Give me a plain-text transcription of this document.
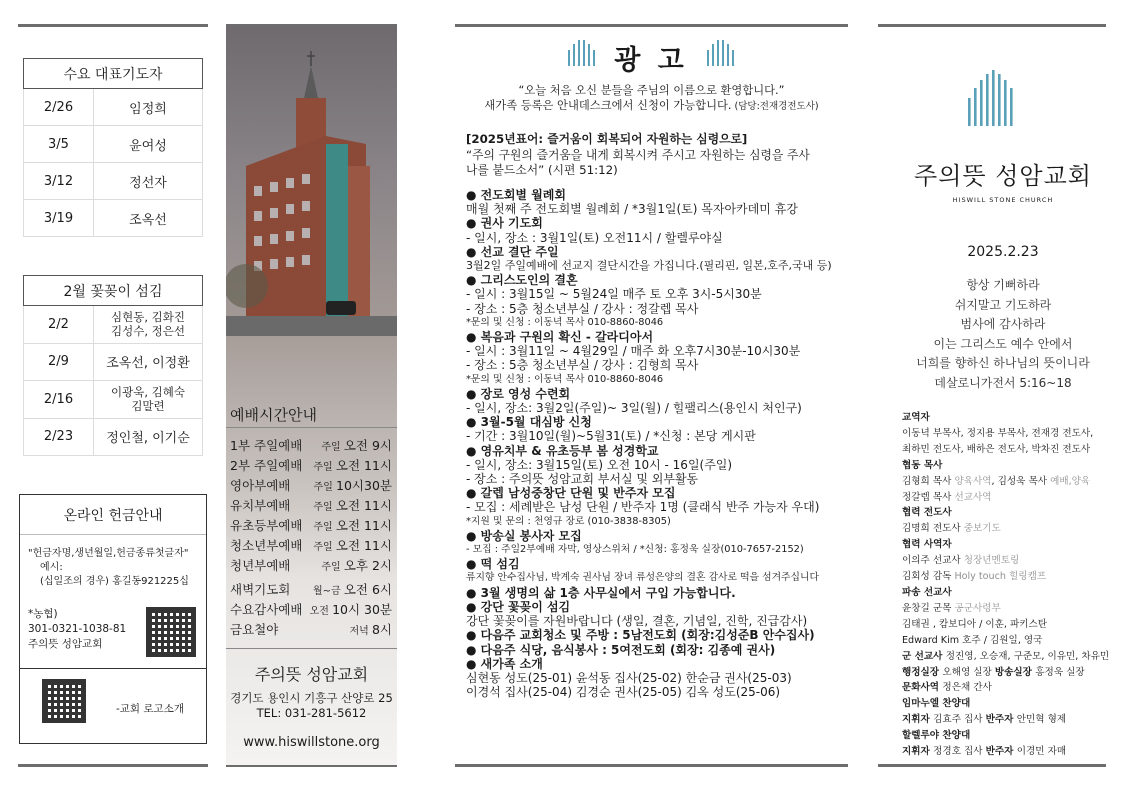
수요 대표기도자	
2/26	임정희
3/5	윤여성
3/12	정선자
3/19	조옥선
2월 꽃꽂이 섬김	
2/2	심현동, 김화진
김성수, 정은선
2/9	조옥선, 이정환
2/16	이광욱, 김혜숙
김말련
2/23	정인철, 이기순
온라인 헌금안내
"헌금자명,생년월일,헌금종류첫글자"
예시:
(십일조의 경우) 홍길동921225십
*농협)
301-0321-1038-81
주의뜻 성암교회
-교회 로고소개
예배시간안내
1부 주일예배 주일 오전 9시
2부 주일예배 주일 오전 11시
영아부예배 주일 10시30분
유치부예배 주일 오전 11시
유초등부예배 주일 오전 11시
청소년부예배 주일 오전 11시
청년부예배	주일 오후 2시
새벽기도회 월~금 오전 6시
수요감사예배 오전 10시 30분
금요철야	저녁 8시
주의뜻 성암교회
경기도 용인시 기흥구 산양로 25
TEL: 031-281-5612
www.hiswillstone.org
광 고
“오늘 처음 오신 분들을 주님의 이름으로 환영합니다.”
새가족 등록은 안내데스크에서 신청이 가능합니다. (담당:전재경전도사)
[2025년표어: 즐거움이 회복되어 자원하는 심령으로]
“주의 구원의 즐거움을 내게 회복시켜 주시고 자원하는 심령을 주사
나를 붙드소서” (시편 51:12)
● 전도회별 월례회
매월 첫째 주 전도회별 월례회 / *3월1일(토) 목자아카데미 휴강
● 권사 기도회
- 일시, 장소 : 3월1일(토) 오전11시 / 할렐루야실
● 선교 결단 주일
3월2일 주일예배에 선교지 결단시간을 가집니다.(필리핀, 일본,호주,국내 등)
● 그리스도인의 결혼
- 일시 : 3월15일 ~ 5월24일 매주 토 오후 3시-5시30분
- 장소 : 5층 청소년부실 / 강사 : 정갈렙 목사
*문의 및 신청 : 이동녁 목사 010-8860-8046
● 복음과 구원의 확신 - 갈라디아서
- 일시 : 3월11일 ~ 4월29일 / 매주 화 오후7시30분-10시30분
- 장소 : 5층 청소년부실 / 강사 : 김형희 목사
*문의 및 신청 : 이동녁 목사 010-8860-8046
● 장로 영성 수련회
- 일시, 장소: 3월2일(주일)~ 3일(월) / 힐팰리스(용인시 처인구)
● 3월-5월 대심방 신청
- 기간 : 3월10일(월)~5월31(토) / *신청 : 본당 게시판
● 영유치부 & 유초등부 봄 성경학교
- 일시, 장소: 3월15일(토) 오전 10시 - 16일(주일)
- 장소 : 주의뜻 성암교회 부서실 및 외부활동
● 갈렙 남성중창단 단원 및 반주자 모집
- 모집 : 세례받은 남성 단원 / 반주자 1명 (클래식 반주 가능자 우대)
*지원 및 문의 : 천영규 장로 (010-3838-8305)
● 방송실 봉사자 모집
- 모집 : 주일2부예배 자막, 영상스위처 / *신청: 홍정욱 실장(010-7657-2152)
● 떡 섬김
류지향 안수집사님, 박계숙 권사님 장녀 류성은양의 결혼 감사로 떡을 섬겨주십니다
● 3월 생명의 삶 1층 사무실에서 구입 가능합니다.
● 강단 꽃꽂이 섬김
강단 꽃꽂이를 자원바랍니다 (생일, 결혼, 기념일, 진학, 진급감사)
● 다음주 교회청소 및 주방 : 5남전도회 (회장:김성준B 안수집사)
● 다음주 식당, 음식봉사 : 5여전도회 (회장: 김종예 권사)
● 새가족 소개
심현동 성도(25-01) 윤석동 집사(25-02) 한순금 권사(25-03)
이경석 집사(25-04) 김경순 권사(25-05) 김옥 성도(25-06)
주의뜻 성암교회
HISWILL STONE CHURCH
2025.2.23
항상 기뻐하라
쉬지말고 기도하라
범사에 감사하라
이는 그리스도 예수 안에서
너희를 향하신 하나님의 뜻이니라
데살로니가전서 5:16~18
교역자
이동녁 부목사, 정지용 부목사, 전재경 전도사,
최하민 전도사, 배하은 전도사, 박차진 전도사
협동 목사
김형희 목사 양육사역, 김성욱 목사 예배,양육
정갈렙 목사 선교사역
협력 전도사
김명희 전도사 중보기도
협력 사역자
이의주 선교사 청장년멘토링
김회성 감독 Holy touch 힐링캠프
파송 선교사
윤창길 군목 공군사령부
김태권 , 캄보디아 / 이훈, 파키스탄
Edward Kim 호주 / 김원일, 영국
군 선교사 정진영, 오승재, 구준모, 이유민, 차유민
행정실장 오해영 실장 방송실장 홍정욱 실장
문화사역 정은채 간사
임마누엘 찬양대
지휘자 김효주 집사 반주자 안민혁 형제
할렐루야 찬양대
지휘자 정경호 집사 반주자 이경민 자매
